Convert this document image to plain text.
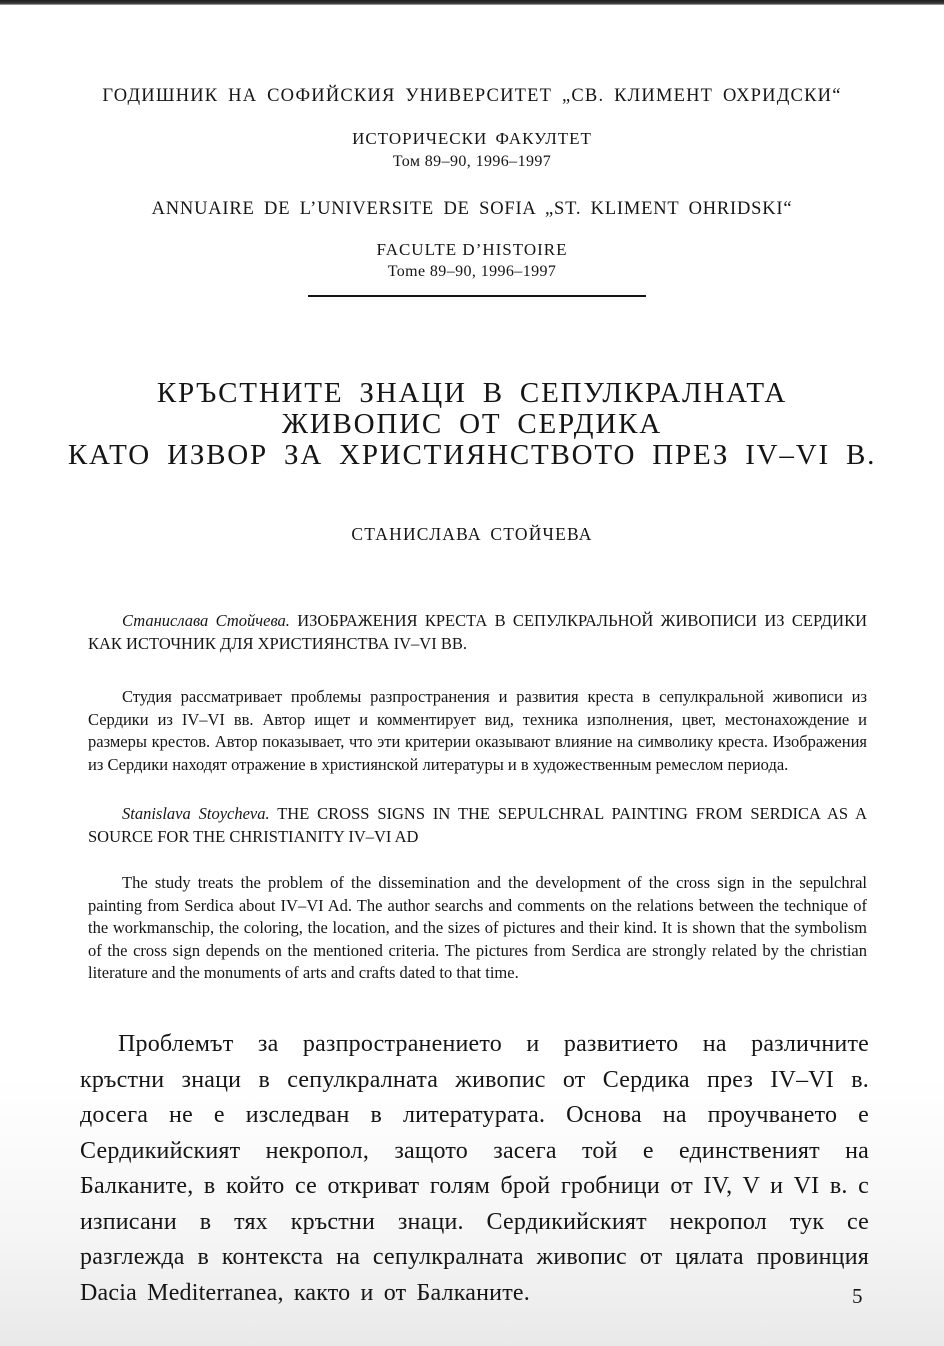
ГОДИШНИК НА СОФИЙСКИЯ УНИВЕРСИТЕТ „СВ. КЛИМЕНТ ОХРИДСКИ“
ИСТОРИЧЕСКИ ФАКУЛТЕТ
Том 89–90, 1996–1997
ANNUAIRE DE L’UNIVERSITE DE SOFIA „ST. KLIMENT OHRIDSKI“
FACULTE D’HISTOIRE
Tome 89–90, 1996–1997
КРЪСТНИТЕ ЗНАЦИ В СЕПУЛКРАЛНАТА
ЖИВОПИС ОТ СЕРДИКА
КАТО ИЗВОР ЗА ХРИСТИЯНСТВОТО ПРЕЗ IV–VI В.
СТАНИСЛАВА СТОЙЧЕВА

Станислава Стойчева. ИЗОБРАЖЕНИЯ КРЕСТА В СЕПУЛКРАЛЬНОЙ ЖИВОПИСИ ИЗ СЕРДИКИ КАК ИСТОЧНИК ДЛЯ ХРИСТИЯНСТВА IV–VI ВВ.

Студия рассматривает проблемы разпространения и развития креста в сепулкральной живописи из Сердики из IV–VI вв. Автор ищет и комментирует вид, техника изполнения, цвет, местонахождение и размеры крестов. Автор показывает, что эти критерии оказывают влияние на символику креста. Изображения из Сердики находят отражение в християнской литературы и в художественным ремеслом периода.

Stanislava Stoycheva. THE CROSS SIGNS IN THE SEPULCHRAL PAINTING FROM SERDICA AS A SOURCE FOR THE CHRISTIANITY IV–VI AD

The study treats the problem of the dissemination and the development of the cross sign in the sepulchral painting from Serdica about IV–VI Ad. The author searchs and comments on the relations between the technique of the workmanschip, the coloring, the location, and the sizes of pictures and their kind. It is shown that the symbolism of the cross sign depends on the mentioned criteria. The pictures from Serdica are strongly related by the christian literature and the monuments of arts and crafts dated to that time.

Проблемът за разпространението и развитието на различните кръстни знаци в сепулкралната живопис от Сердика през IV–VI в. досега не е изследван в литературата. Основа на проучването е Сердикийският некропол, защото засега той е единственият на Балканите, в който се откриват голям брой гробници от IV, V и VI в. с изписани в тях кръстни знаци. Сердикийският некропол тук се разглежда в контекста на сепулкралната живопис от цялата провинция Dacia Mediterranea, както и от Балканите.	5
